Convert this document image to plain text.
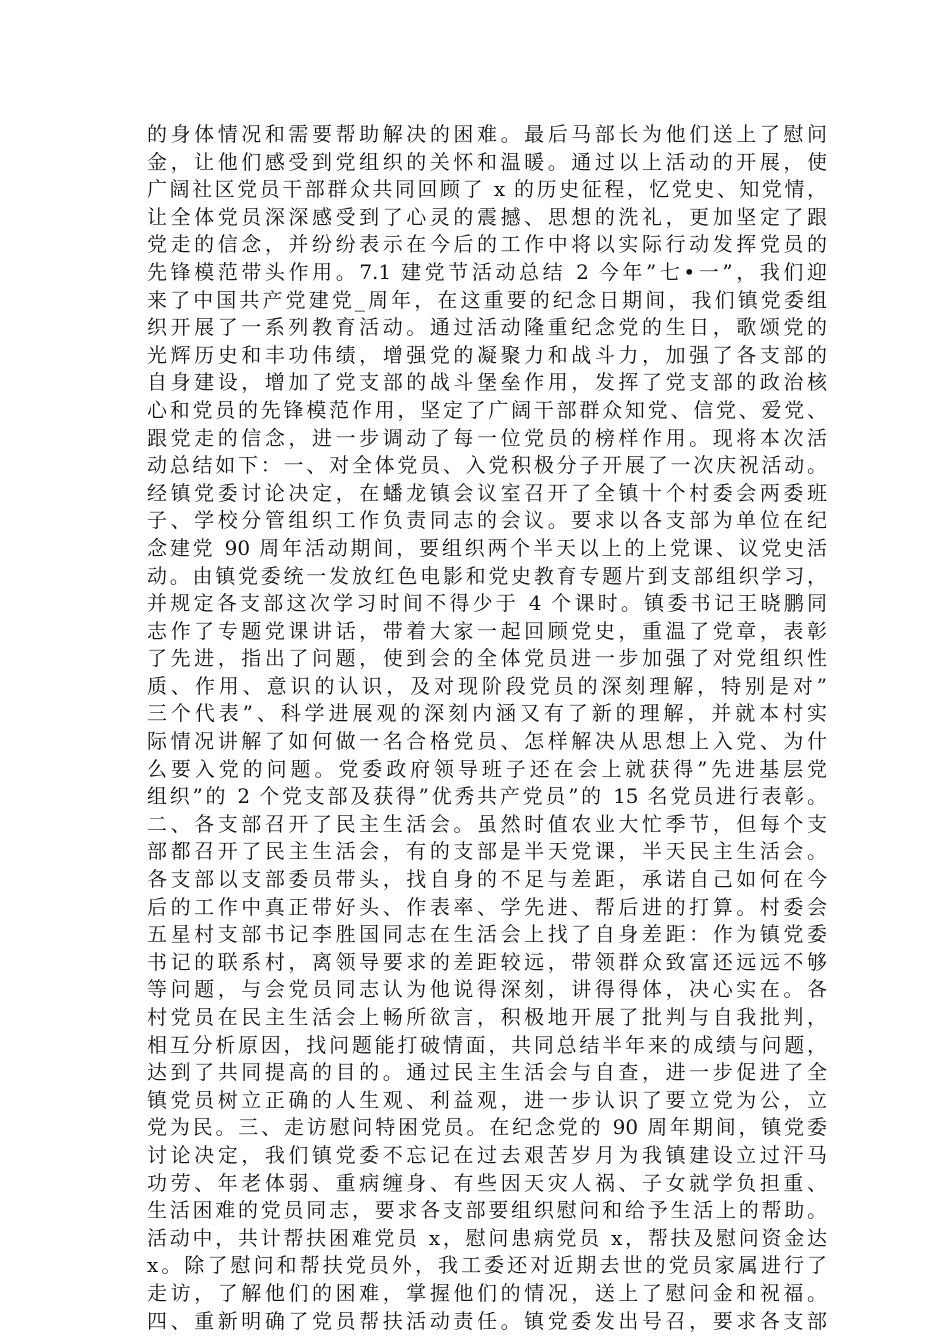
的身体情况和需要帮助解决的困难。最后马部长为他们送上了慰问
金，让他们感受到党组织的关怀和温暖。通过以上活动的开展，使
广阔社区党员干部群众共同回顾了 x 的历史征程，忆党史、知党情，
让全体党员深深感受到了心灵的震撼、思想的洗礼，更加坚定了跟
党走的信念，并纷纷表示在今后的工作中将以实际行动发挥党员的
先锋模范带头作用。7.1 建党节活动总结 2 今年”七•一”，我们迎
来了中国共产党建党_周年，在这重要的纪念日期间，我们镇党委组
织开展了一系列教育活动。通过活动隆重纪念党的生日，歌颂党的
光辉历史和丰功伟绩，增强党的凝聚力和战斗力，加强了各支部的
自身建设，增加了党支部的战斗堡垒作用，发挥了党支部的政治核
心和党员的先锋模范作用，坚定了广阔干部群众知党、信党、爱党、
跟党走的信念，进一步调动了每一位党员的榜样作用。现将本次活
动总结如下：一、对全体党员、入党积极分子开展了一次庆祝活动。
经镇党委讨论决定，在蟠龙镇会议室召开了全镇十个村委会两委班
子、学校分管组织工作负责同志的会议。要求以各支部为单位在纪
念建党 90 周年活动期间，要组织两个半天以上的上党课、议党史活
动。由镇党委统一发放红色电影和党史教育专题片到支部组织学习，
并规定各支部这次学习时间不得少于 4 个课时。镇委书记王晓鹏同
志作了专题党课讲话，带着大家一起回顾党史，重温了党章，表彰
了先进，指出了问题，使到会的全体党员进一步加强了对党组织性
质、作用、意识的认识，及对现阶段党员的深刻理解，特别是对”
三个代表”、科学进展观的深刻内涵又有了新的理解，并就本村实
际情况讲解了如何做一名合格党员、怎样解决从思想上入党、为什
么要入党的问题。党委政府领导班子还在会上就获得”先进基层党
组织”的 2 个党支部及获得”优秀共产党员”的 15 名党员进行表彰。
二、各支部召开了民主生活会。虽然时值农业大忙季节，但每个支
部都召开了民主生活会，有的支部是半天党课，半天民主生活会。
各支部以支部委员带头，找自身的不足与差距，承诺自己如何在今
后的工作中真正带好头、作表率、学先进、帮后进的打算。村委会
五星村支部书记李胜国同志在生活会上找了自身差距：作为镇党委
书记的联系村，离领导要求的差距较远，带领群众致富还远远不够
等问题，与会党员同志认为他说得深刻，讲得得体，决心实在。各
村党员在民主生活会上畅所欲言，积极地开展了批判与自我批判，
相互分析原因，找问题能打破情面，共同总结半年来的成绩与问题，
达到了共同提高的目的。通过民主生活会与自查，进一步促进了全
镇党员树立正确的人生观、利益观，进一步认识了要立党为公，立
党为民。三、走访慰问特困党员。在纪念党的 90 周年期间，镇党委
讨论决定，我们镇党委不忘记在过去艰苦岁月为我镇建设立过汗马
功劳、年老体弱、重病缠身、有些因天灾人祸、子女就学负担重、
生活困难的党员同志，要求各支部要组织慰问和给予生活上的帮助。
活动中，共计帮扶困难党员 x，慰问患病党员 x，帮扶及慰问资金达
x。除了慰问和帮扶党员外，我工委还对近期去世的党员家属进行了
走访，了解他们的困难，掌握他们的情况，送上了慰问金和祝福。
四、重新明确了党员帮扶活动责任。镇党委发出号召，要求各支部
